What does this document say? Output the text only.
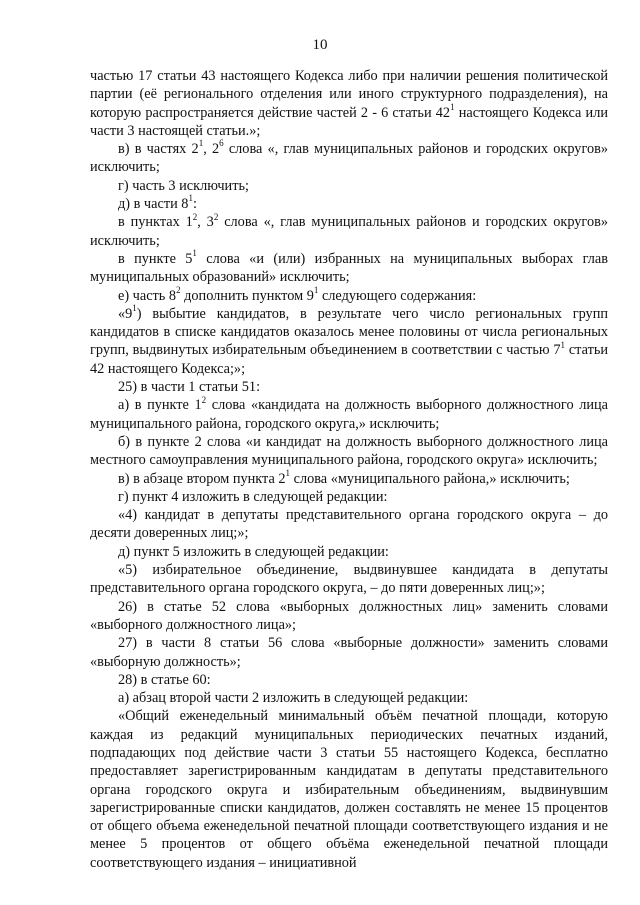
10

частью 17 статьи 43 настоящего Кодекса либо при наличии решения политической партии (её регионального отделения или иного структурного подразделения), на которую распространяется действие частей 2 - 6 статьи $42^1$ настоящего Кодекса или части 3 настоящей статьи.»;

в) в частях $2^1$, $2^6$ слова «, глав муниципальных районов и городских округов» исключить;

г) часть 3 исключить;

д) в части $8^1$:

в пунктах $1^2$, $3^2$ слова «, глав муниципальных районов и городских округов» исключить;

в пункте $5^1$ слова «и (или) избранных на муниципальных выборах глав муниципальных образований» исключить;

е) часть $8^2$ дополнить пунктом $9^1$ следующего содержания:

«$9^1$) выбытие кандидатов, в результате чего число региональных групп кандидатов в списке кандидатов оказалось менее половины от числа региональных групп, выдвинутых избирательным объединением в соответствии с частью $7^1$ статьи 42 настоящего Кодекса;»;

25) в части 1 статьи 51:

а) в пункте $1^2$ слова «кандидата на должность выборного должностного лица муниципального района, городского округа,» исключить;

б) в пункте 2 слова «и кандидат на должность выборного должностного лица местного самоуправления муниципального района, городского округа» исключить;

в) в абзаце втором пункта $2^1$ слова «муниципального района,» исключить;

г) пункт 4 изложить в следующей редакции:

«4) кандидат в депутаты представительного органа городского округа – до десяти доверенных лиц;»;

д) пункт 5 изложить в следующей редакции:

«5) избирательное объединение, выдвинувшее кандидата в депутаты представительного органа городского округа, – до пяти доверенных лиц;»;

26) в статье 52 слова «выборных должностных лиц» заменить словами «выборного должностного лица»;

27) в части 8 статьи 56 слова «выборные должности» заменить словами «выборную должность»;

28) в статье 60:

а) абзац второй части 2 изложить в следующей редакции:

«Общий еженедельный минимальный объём печатной площади, которую каждая из редакций муниципальных периодических печатных изданий, подпадающих под действие части 3 статьи 55 настоящего Кодекса, бесплатно предоставляет зарегистрированным кандидатам в депутаты представительного органа городского округа и избирательным объединениям, выдвинувшим зарегистрированные списки кандидатов, должен составлять не менее 15 процентов от общего объема еженедельной печатной площади соответствующего издания и не менее 5 процентов от общего объёма еженедельной печатной площади соответствующего издания – инициативной
